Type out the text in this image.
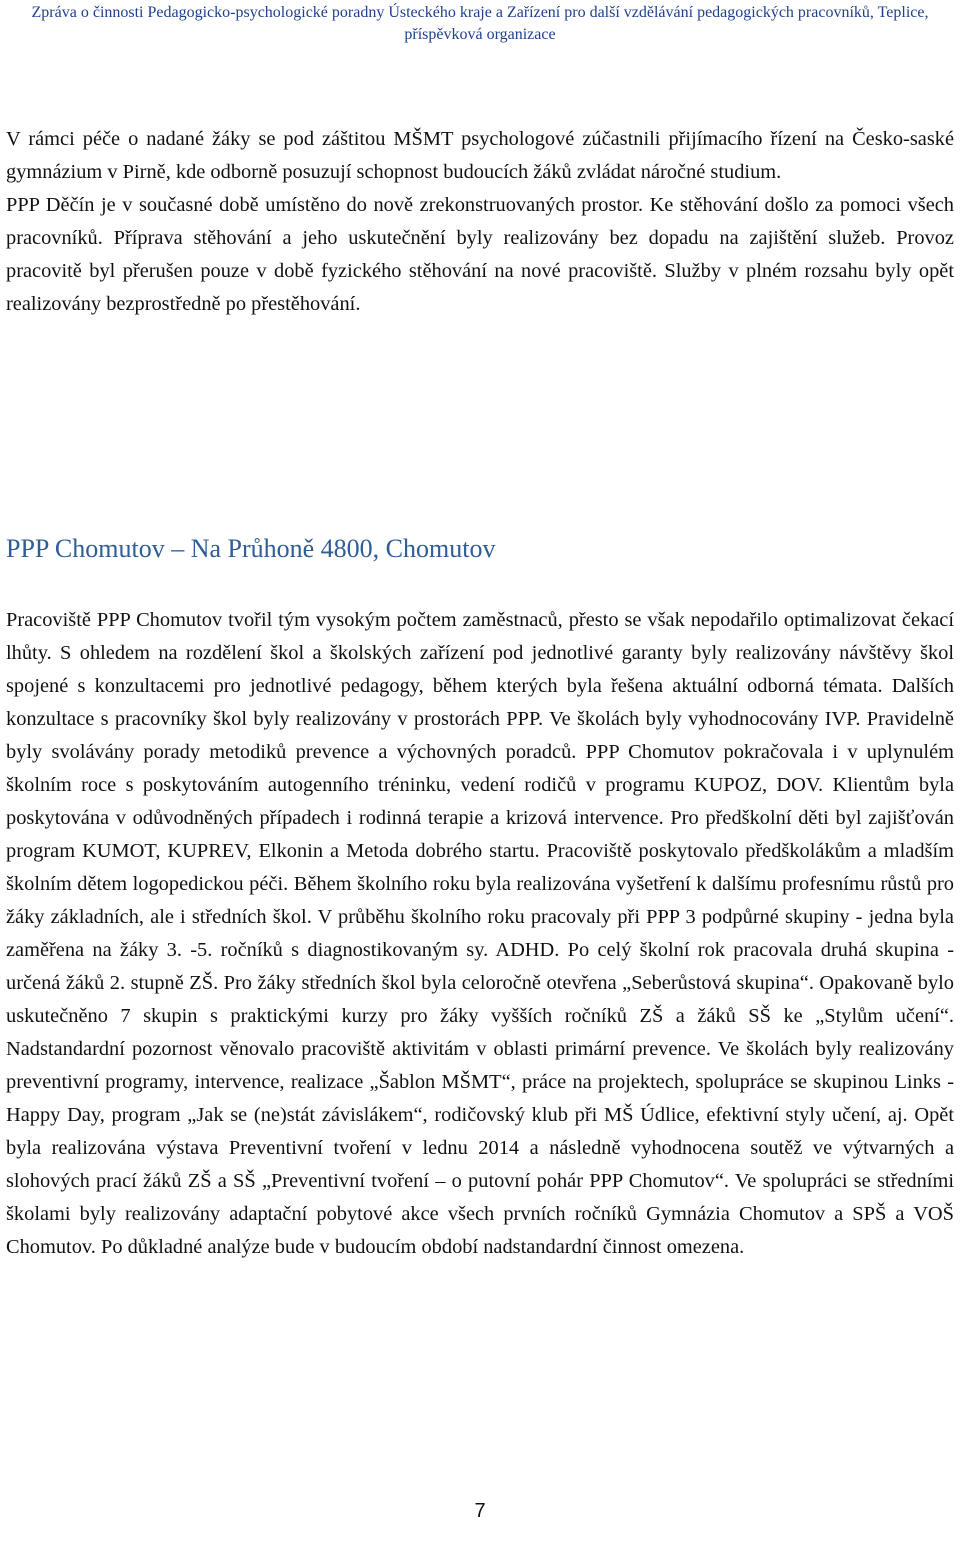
Zpráva o činnosti Pedagogicko-psychologické poradny Ústeckého kraje a Zařízení pro další vzdělávání pedagogických pracovníků, Teplice,
příspěvková organizace

V rámci péče o nadané žáky se pod záštitou MŠMT psychologové zúčastnili přijímacího řízení na Česko-saské gymnázium v Pirně, kde odborně posuzují schopnost budoucích žáků zvládat náročné studium.

PPP Děčín je v současné době umístěno do nově zrekonstruovaných prostor. Ke stěhování došlo za pomoci všech pracovníků. Příprava stěhování a jeho uskutečnění byly realizovány bez dopadu na zajištění služeb. Provoz pracovitě byl přerušen pouze v době fyzického stěhování na nové pracoviště. Služby v plném rozsahu byly opět realizovány bezprostředně po přestěhování.

PPP Chomutov – Na Průhoně 4800, Chomutov

Pracoviště PPP Chomutov tvořil tým vysokým počtem zaměstnaců, přesto se však nepodařilo optimalizovat čekací lhůty. S ohledem na rozdělení škol a školských zařízení pod jednotlivé garanty byly realizovány návštěvy škol spojené s konzultacemi pro jednotlivé pedagogy, během kterých byla řešena aktuální odborná témata. Dalších konzultace s pracovníky škol byly realizovány v prostorách PPP. Ve školách byly vyhodnocovány IVP. Pravidelně byly svolávány porady metodiků prevence a výchovných poradců. PPP Chomutov pokračovala i v uplynulém školním roce s poskytováním autogenního tréninku, vedení rodičů v programu KUPOZ, DOV. Klientům byla poskytována v odůvodněných případech i rodinná terapie a krizová intervence. Pro předškolní děti byl zajišťován program KUMOT, KUPREV, Elkonin a Metoda dobrého startu. Pracoviště poskytovalo předškolákům a mladším školním dětem logopedickou péči. Během školního roku byla realizována vyšetření k dalšímu profesnímu růstů pro žáky základních, ale i středních škol. V průběhu školního roku pracovaly při PPP 3 podpůrné skupiny - jedna byla zaměřena na žáky 3. -5. ročníků s diagnostikovaným sy. ADHD. Po celý školní rok pracovala druhá skupina - určená žáků 2. stupně ZŠ. Pro žáky středních škol byla celoročně otevřena „Seberůstová skupina“. Opakovaně bylo uskutečněno 7 skupin s praktickými kurzy pro žáky vyšších ročníků ZŠ a žáků SŠ ke „Stylům učení“. Nadstandardní pozornost věnovalo pracoviště aktivitám v oblasti primární prevence. Ve školách byly realizovány preventivní programy, intervence, realizace „Šablon MŠMT“, práce na projektech, spolupráce se skupinou Links - Happy Day, program „Jak se (ne)stát závislákem“, rodičovský klub při MŠ Údlice, efektivní styly učení, aj. Opět byla realizována výstava Preventivní tvoření v lednu 2014 a následně vyhodnocena soutěž ve výtvarných a slohových prací žáků ZŠ a SŠ „Preventivní tvoření – o putovní pohár PPP Chomutov“. Ve spolupráci se středními školami byly realizovány adaptační pobytové akce všech prvních ročníků Gymnázia Chomutov a SPŠ a VOŠ Chomutov. Po důkladné analýze bude v budoucím období nadstandardní činnost omezena.

7
